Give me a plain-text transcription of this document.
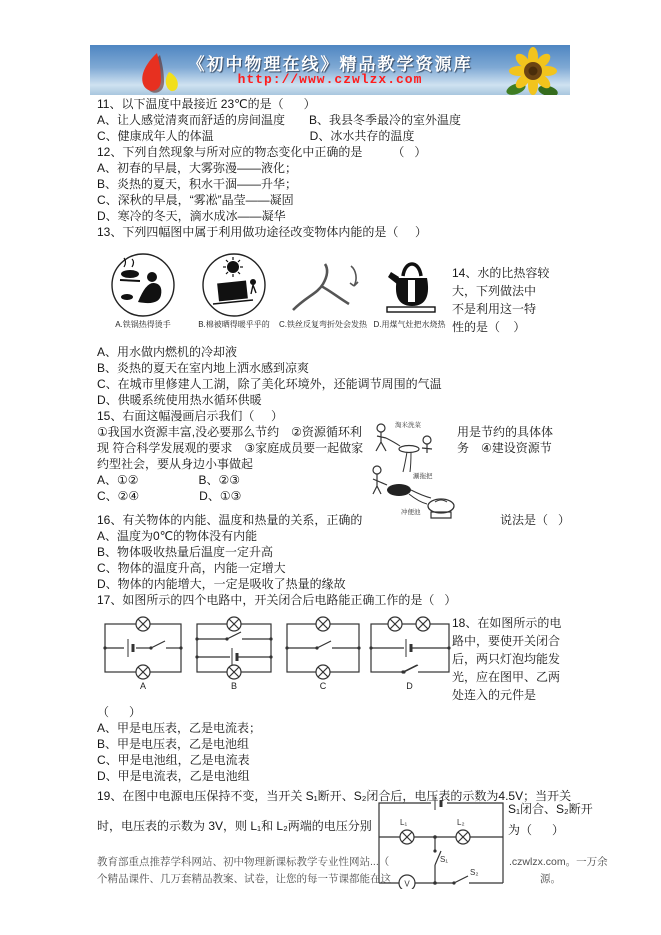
《初中物理在线》精品教学资源库
http://www.czwlzx.com
11、以下温度中最接近 23℃的是（      ）
A、让人感觉清爽而舒适的房间温度　　B、我县冬季最冷的室外温度
C、健康成年人的体温　　　　　　　　D、冰水共存的温度
12、下列自然现象与所对应的物态变化中正确的是　　　（   ）
A、初春的早晨，大雾弥漫——液化；
B、炎热的夏天，积水干涸——升华；
C、深秋的早晨，“雾凇”晶莹——凝固
D、寒冷的冬天，滴水成冰——凝华
13、下列四幅图中属于利用做功途径改变物体内能的是（     ）
A.铁锅热得烫手	B.棉被晒得暖乎乎的 C.铁丝反复弯折处会发热 D.用煤气灶把水烧热
14、水的比热容较
大，下列做法中
不是利用这一特
性的是（    ）
A、用水做内燃机的冷却液
B、炎热的夏天在室内地上洒水感到凉爽
C、在城市里修建人工湖，除了美化环境外，还能调节周围的气温
D、供暖系统使用热水循环供暖
15、右面这幅漫画启示我们（     ）
①我国水资源丰富,没必要那么节约　②资源循环利
现 符合科学发展观的要求　③家庭成员要一起做家
约型社会，要从身边小事做起
A、①②　　　　　B、②③
C、②④　　　　　D、①③
淘米洗菜
涮拖把
冲便池
用是节约的具体体
务　④建设资源节
16、有关物体的内能、温度和热量的关系，正确的	说法是（   ）
A、温度为0℃的物体没有内能
B、物体吸收热量后温度一定升高
C、物体的温度升高，内能一定增大
D、物体的内能增大，一定是吸收了热量的缘故
17、如图所示的四个电路中，开关闭合后电路能正确工作的是（   ）
A	B	C	D
18、在如图所示的电
路中，要使开关闭合
后，两只灯泡均能发
光，应在图甲、乙两
处连入的元件是
（      ）
A、甲是电压表，乙是电流表；
B、甲是电压表，乙是电池组
C、甲是电池组，乙是电流表
D、甲是电流表，乙是电池组
19、在图中电源电压保持不变，当开关 S₁断开、S₂闭合后，电压表的示数为4.5V；当开关
时，电压表的示数为 3V，则 L₁和 L₂两端的电压分别
S₁闭合、S₂断开
为（      ）
V
L₁	L₂
S₁
S₂
教育部重点推荐学科网站、初中物理新课标教学专业性网站...（	.czwlzx.com。一万余
个精品课件、几万套精品教案、试卷，让您的每一节课都能在这	源。
